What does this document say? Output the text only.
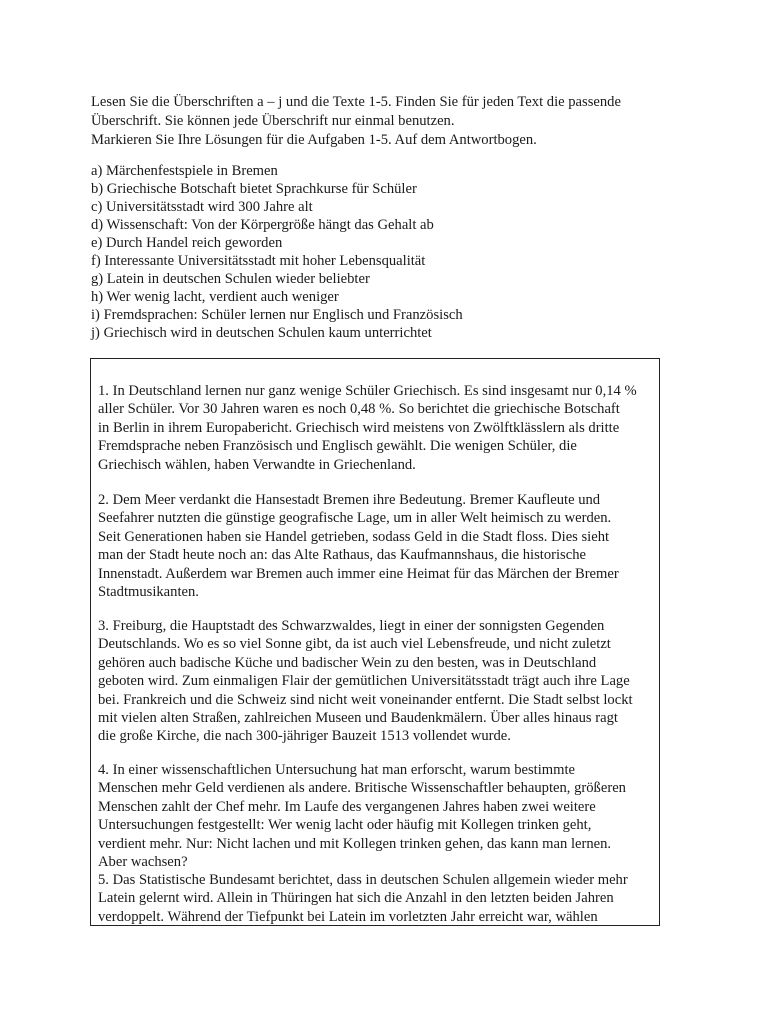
Lesen Sie die Überschriften a – j und die Texte 1-5. Finden Sie für jeden Text die passende

Überschrift. Sie können jede Überschrift nur einmal benutzen.

Markieren Sie Ihre Lösungen für die Aufgaben 1-5. Auf dem Antwortbogen.

a) Märchenfestspiele in Bremen
b) Griechische Botschaft bietet Sprachkurse für Schüler
c) Universitätsstadt wird 300 Jahre alt
d) Wissenschaft: Von der Körpergröße hängt das Gehalt ab
e) Durch Handel reich geworden
f) Interessante Universitätsstadt mit hoher Lebensqualität
g) Latein in deutschen Schulen wieder beliebter
h) Wer wenig lacht, verdient auch weniger
i) Fremdsprachen: Schüler lernen nur Englisch und Französisch
j) Griechisch wird in deutschen Schulen kaum unterrichtet
1. In Deutschland lernen nur ganz wenige Schüler Griechisch. Es sind insgesamt nur 0,14 %
aller Schüler. Vor 30 Jahren waren es noch 0,48 %. So berichtet die griechische Botschaft
in Berlin in ihrem Europabericht. Griechisch wird meistens von Zwölftklässlern als dritte
Fremdsprache neben Französisch und Englisch gewählt. Die wenigen Schüler, die
Griechisch wählen, haben Verwandte in Griechenland.
2. Dem Meer verdankt die Hansestadt Bremen ihre Bedeutung. Bremer Kaufleute und
Seefahrer nutzten die günstige geografische Lage, um in aller Welt heimisch zu werden.
Seit Generationen haben sie Handel getrieben, sodass Geld in die Stadt floss. Dies sieht
man der Stadt heute noch an: das Alte Rathaus, das Kaufmannshaus, die historische
Innenstadt. Außerdem war Bremen auch immer eine Heimat für das Märchen der Bremer
Stadtmusikanten.
3. Freiburg, die Hauptstadt des Schwarzwaldes, liegt in einer der sonnigsten Gegenden
Deutschlands. Wo es so viel Sonne gibt, da ist auch viel Lebensfreude, und nicht zuletzt
gehören auch badische Küche und badischer Wein zu den besten, was in Deutschland
geboten wird. Zum einmaligen Flair der gemütlichen Universitätsstadt trägt auch ihre Lage
bei. Frankreich und die Schweiz sind nicht weit voneinander entfernt. Die Stadt selbst lockt
mit vielen alten Straßen, zahlreichen Museen und Baudenkmälern. Über alles hinaus ragt
die große Kirche, die nach 300-jähriger Bauzeit 1513 vollendet wurde.
4. In einer wissenschaftlichen Untersuchung hat man erforscht, warum bestimmte
Menschen mehr Geld verdienen als andere. Britische Wissenschaftler behaupten, größeren
Menschen zahlt der Chef mehr. Im Laufe des vergangenen Jahres haben zwei weitere
Untersuchungen festgestellt: Wer wenig lacht oder häufig mit Kollegen trinken geht,
verdient mehr. Nur: Nicht lachen und mit Kollegen trinken gehen, das kann man lernen.
Aber wachsen?
5. Das Statistische Bundesamt berichtet, dass in deutschen Schulen allgemein wieder mehr
Latein gelernt wird. Allein in Thüringen hat sich die Anzahl in den letzten beiden Jahren
verdoppelt. Während der Tiefpunkt bei Latein im vorletzten Jahr erreicht war, wählen
